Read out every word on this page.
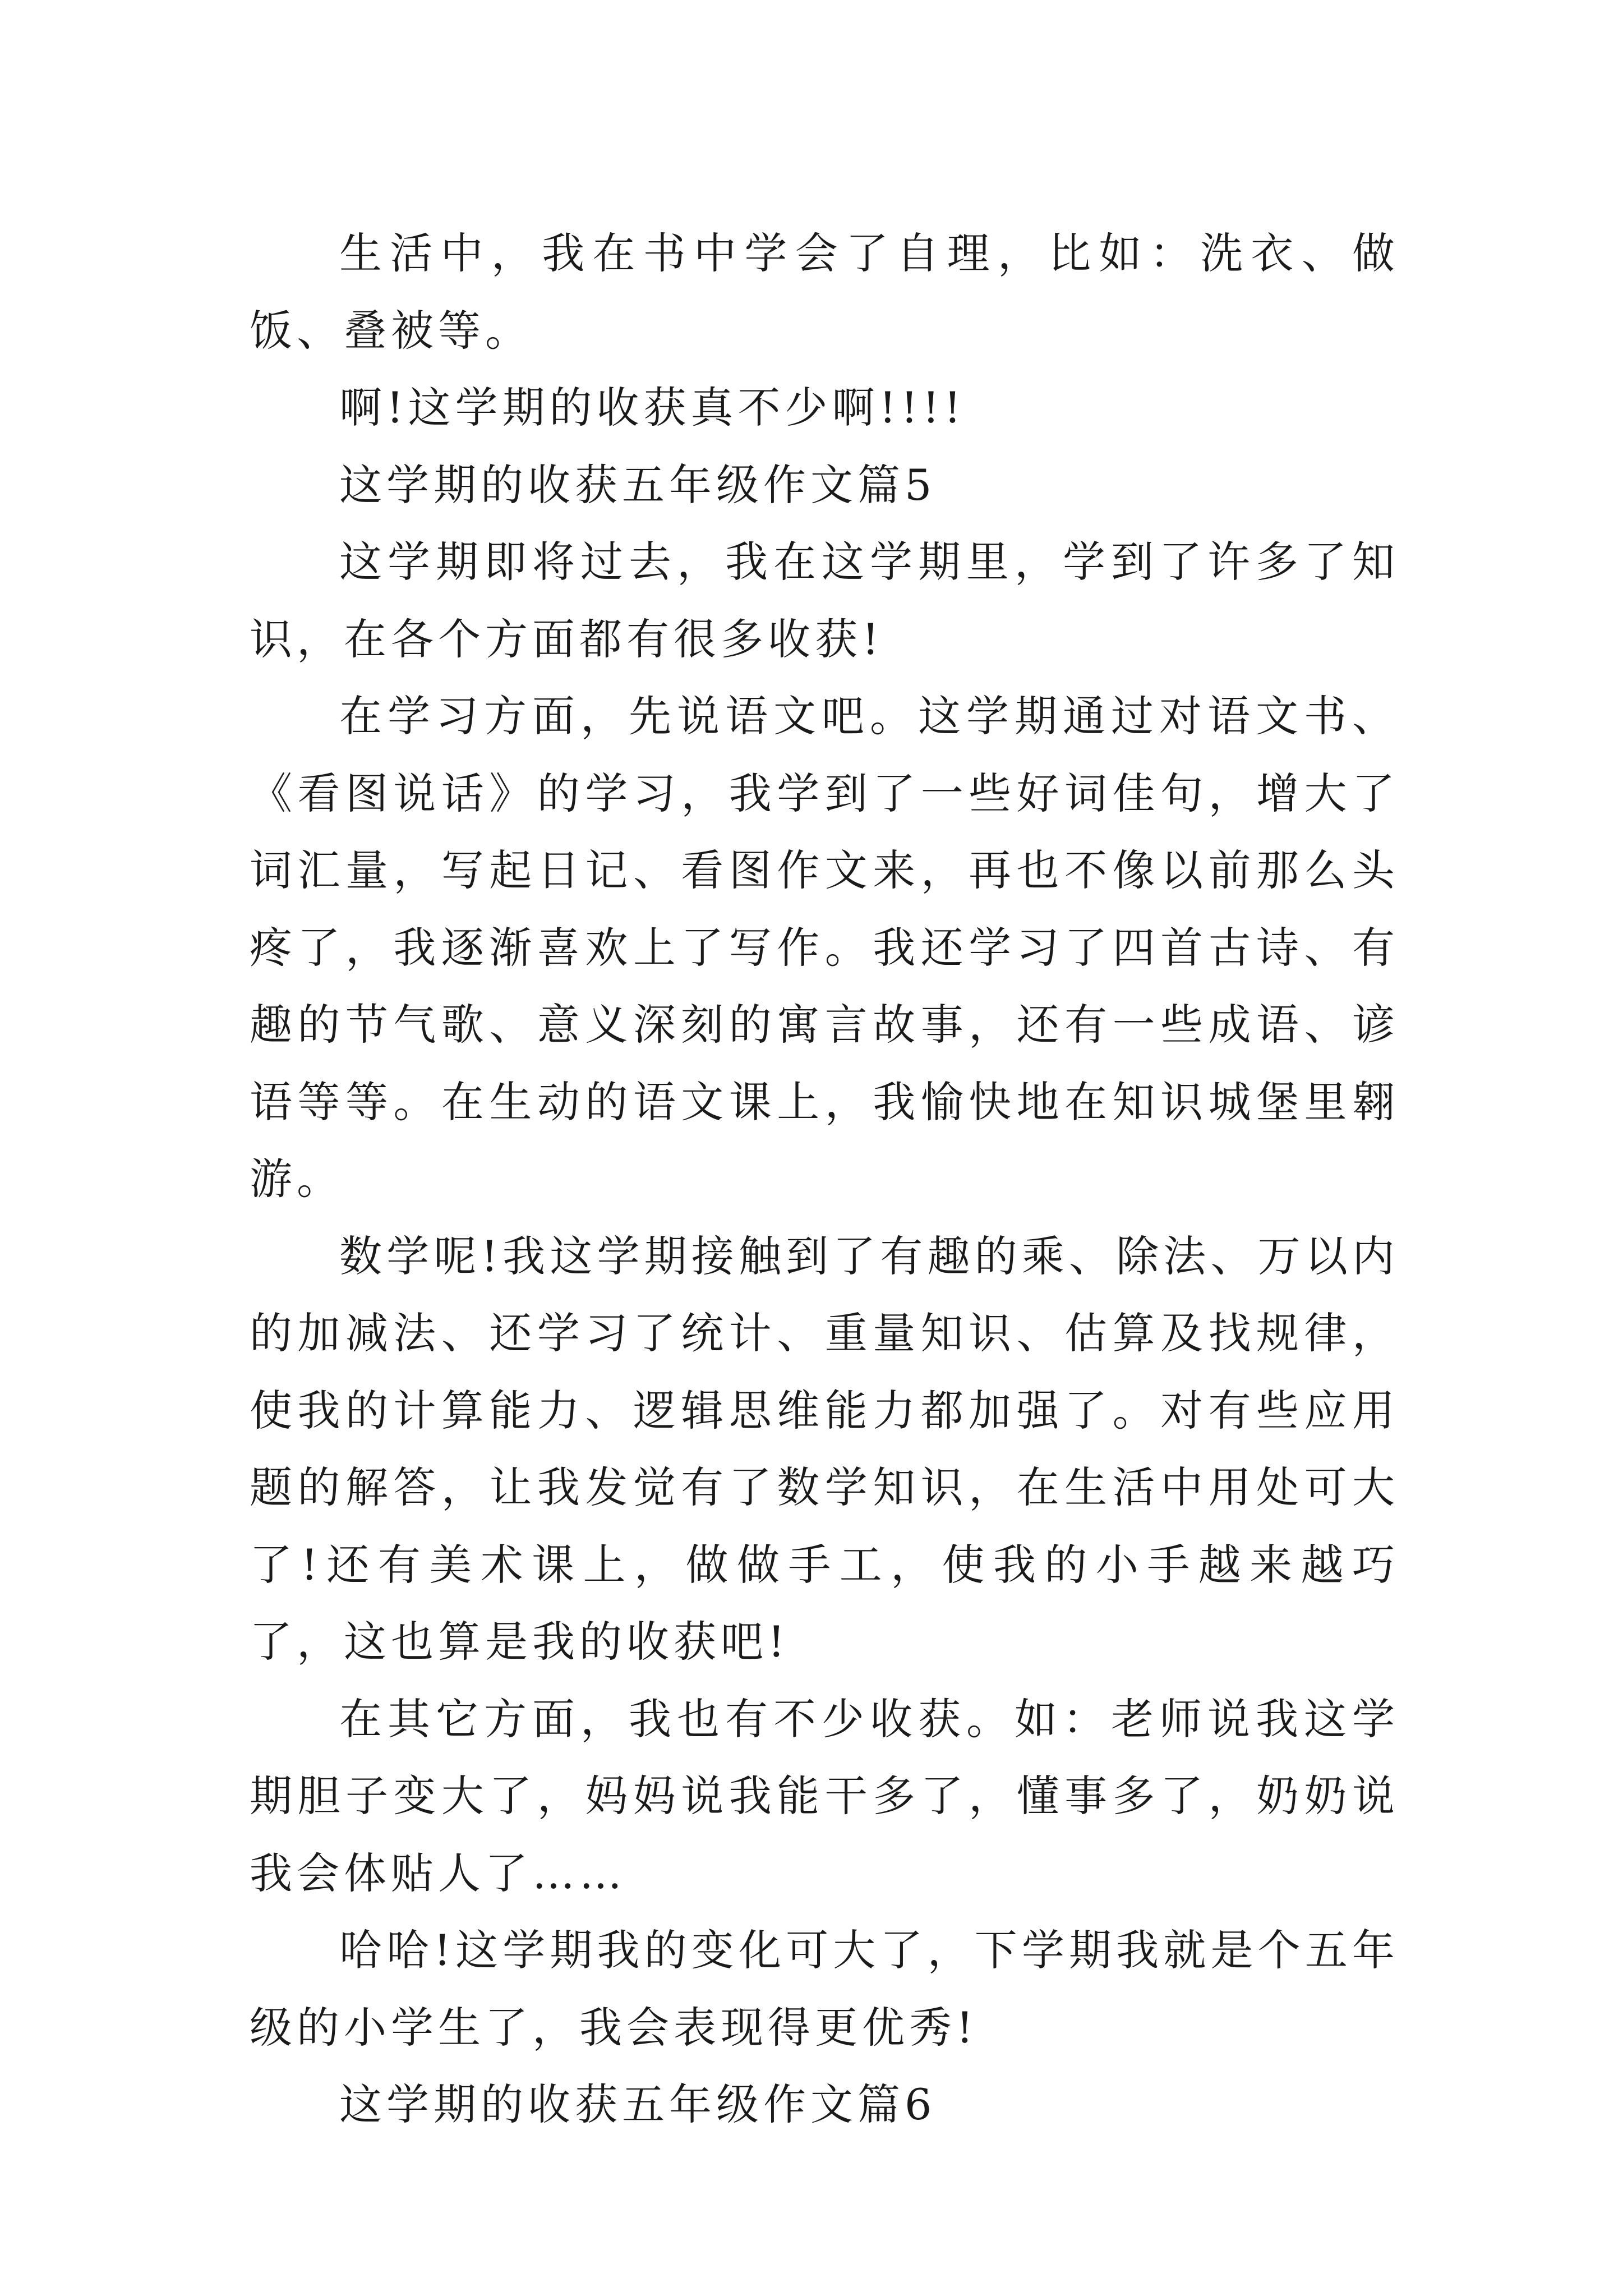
生活中，我在书中学会了自理，比如：洗衣、做饭、叠被等。

啊!这学期的收获真不少啊!!!!

这学期的收获五年级作文篇5

这学期即将过去，我在这学期里，学到了许多了知识，在各个方面都有很多收获!

在学习方面，先说语文吧。这学期通过对语文书、《看图说话》的学习，我学到了一些好词佳句，增大了词汇量，写起日记、看图作文来，再也不像以前那么头疼了，我逐渐喜欢上了写作。我还学习了四首古诗、有趣的节气歌、意义深刻的寓言故事，还有一些成语、谚语等等。在生动的语文课上，我愉快地在知识城堡里翱游。

数学呢!我这学期接触到了有趣的乘、除法、万以内的加减法、还学习了统计、重量知识、估算及找规律，使我的计算能力、逻辑思维能力都加强了。对有些应用题的解答，让我发觉有了数学知识，在生活中用处可大了!还有美术课上，做做手工，使我的小手越来越巧了，这也算是我的收获吧!

在其它方面，我也有不少收获。如：老师说我这学期胆子变大了，妈妈说我能干多了，懂事多了，奶奶说我会体贴人了……

哈哈!这学期我的变化可大了，下学期我就是个五年级的小学生了，我会表现得更优秀!

这学期的收获五年级作文篇6
